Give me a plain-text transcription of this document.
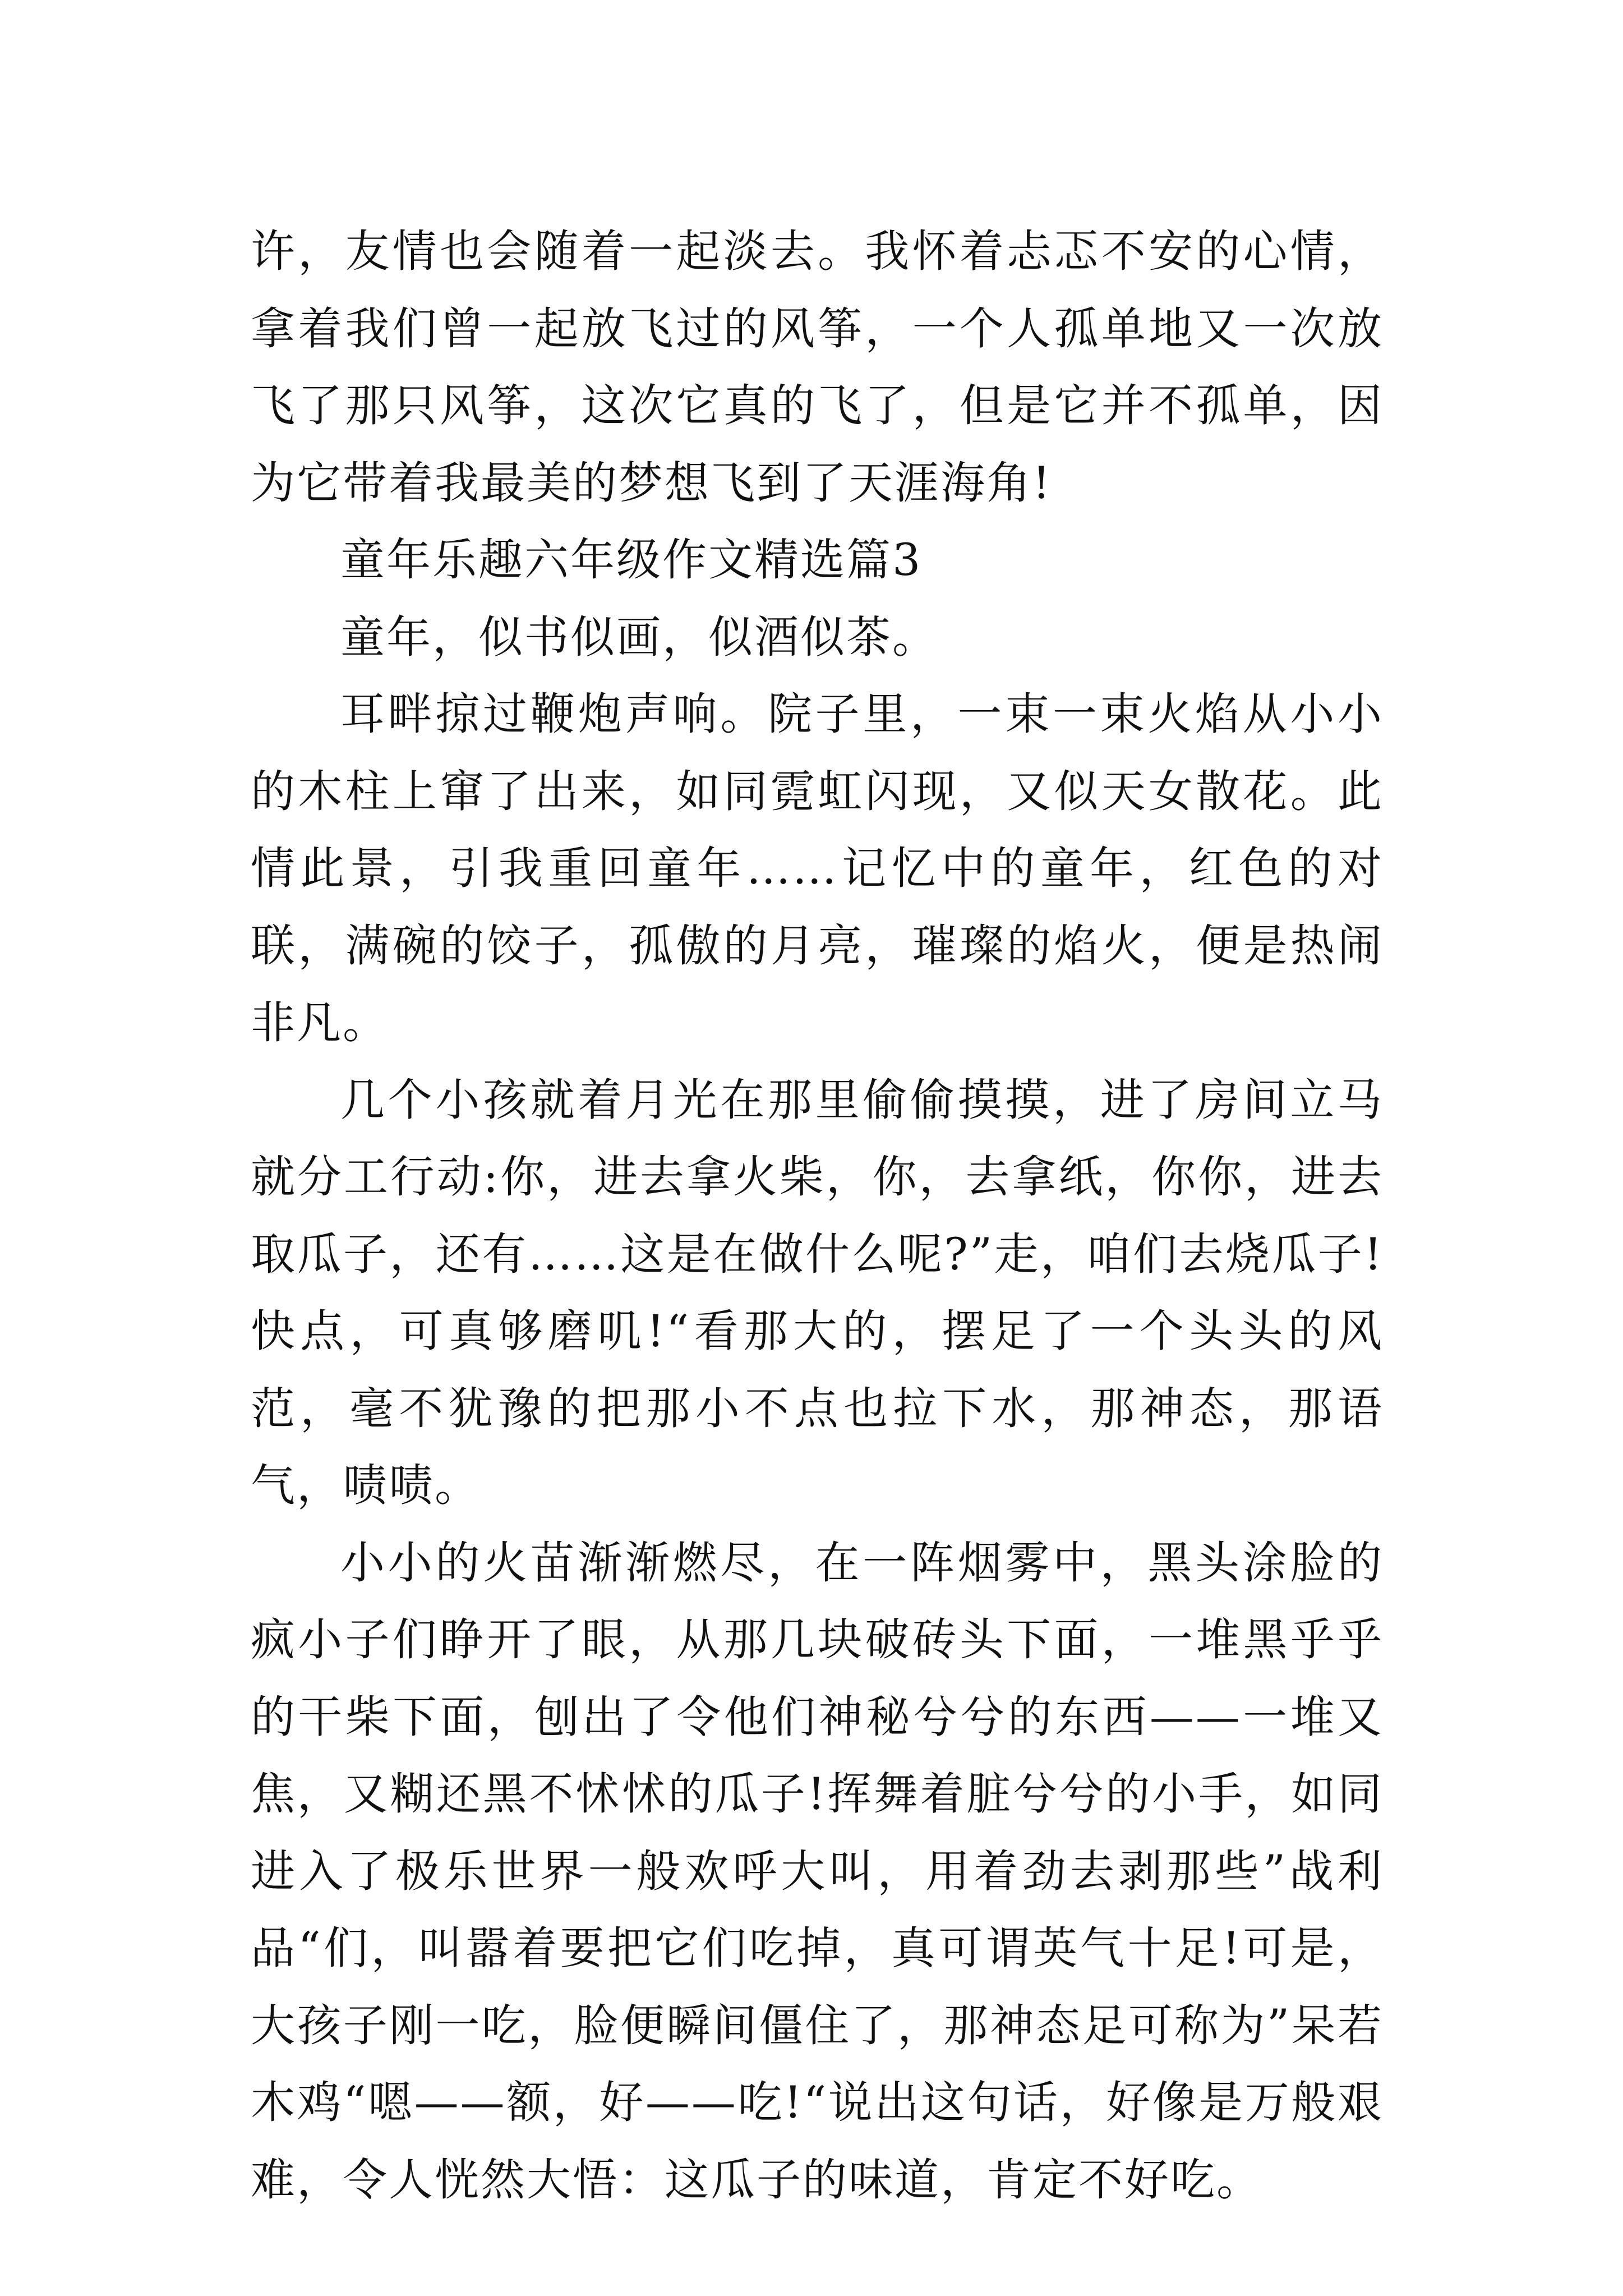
许，友情也会随着一起淡去。我怀着忐忑不安的心情，拿着我们曾一起放飞过的风筝，一个人孤单地又一次放飞了那只风筝，这次它真的飞了，但是它并不孤单，因为它带着我最美的梦想飞到了天涯海角!

童年乐趣六年级作文精选篇3

童年，似书似画，似酒似茶。

耳畔掠过鞭炮声响。院子里，一束一束火焰从小小的木柱上窜了出来，如同霓虹闪现，又似天女散花。此情此景，引我重回童年……记忆中的童年，红色的对联，满碗的饺子，孤傲的月亮，璀璨的焰火，便是热闹非凡。

几个小孩就着月光在那里偷偷摸摸，进了房间立马就分工行动:你，进去拿火柴，你，去拿纸，你你，进去取瓜子，还有……这是在做什么呢?”走，咱们去烧瓜子!快点，可真够磨叽!“看那大的，摆足了一个头头的风范，毫不犹豫的把那小不点也拉下水，那神态，那语气，啧啧。

小小的火苗渐渐燃尽，在一阵烟雾中，黑头涂脸的疯小子们睁开了眼，从那几块破砖头下面，一堆黑乎乎的干柴下面，刨出了令他们神秘兮兮的东西——一堆又焦，又糊还黑不怵怵的瓜子!挥舞着脏兮兮的小手，如同进入了极乐世界一般欢呼大叫，用着劲去剥那些”战利品“们，叫嚣着要把它们吃掉，真可谓英气十足!可是，大孩子刚一吃，脸便瞬间僵住了，那神态足可称为”呆若木鸡“嗯——额，好——吃!“说出这句话，好像是万般艰难，令人恍然大悟：这瓜子的味道，肯定不好吃。
